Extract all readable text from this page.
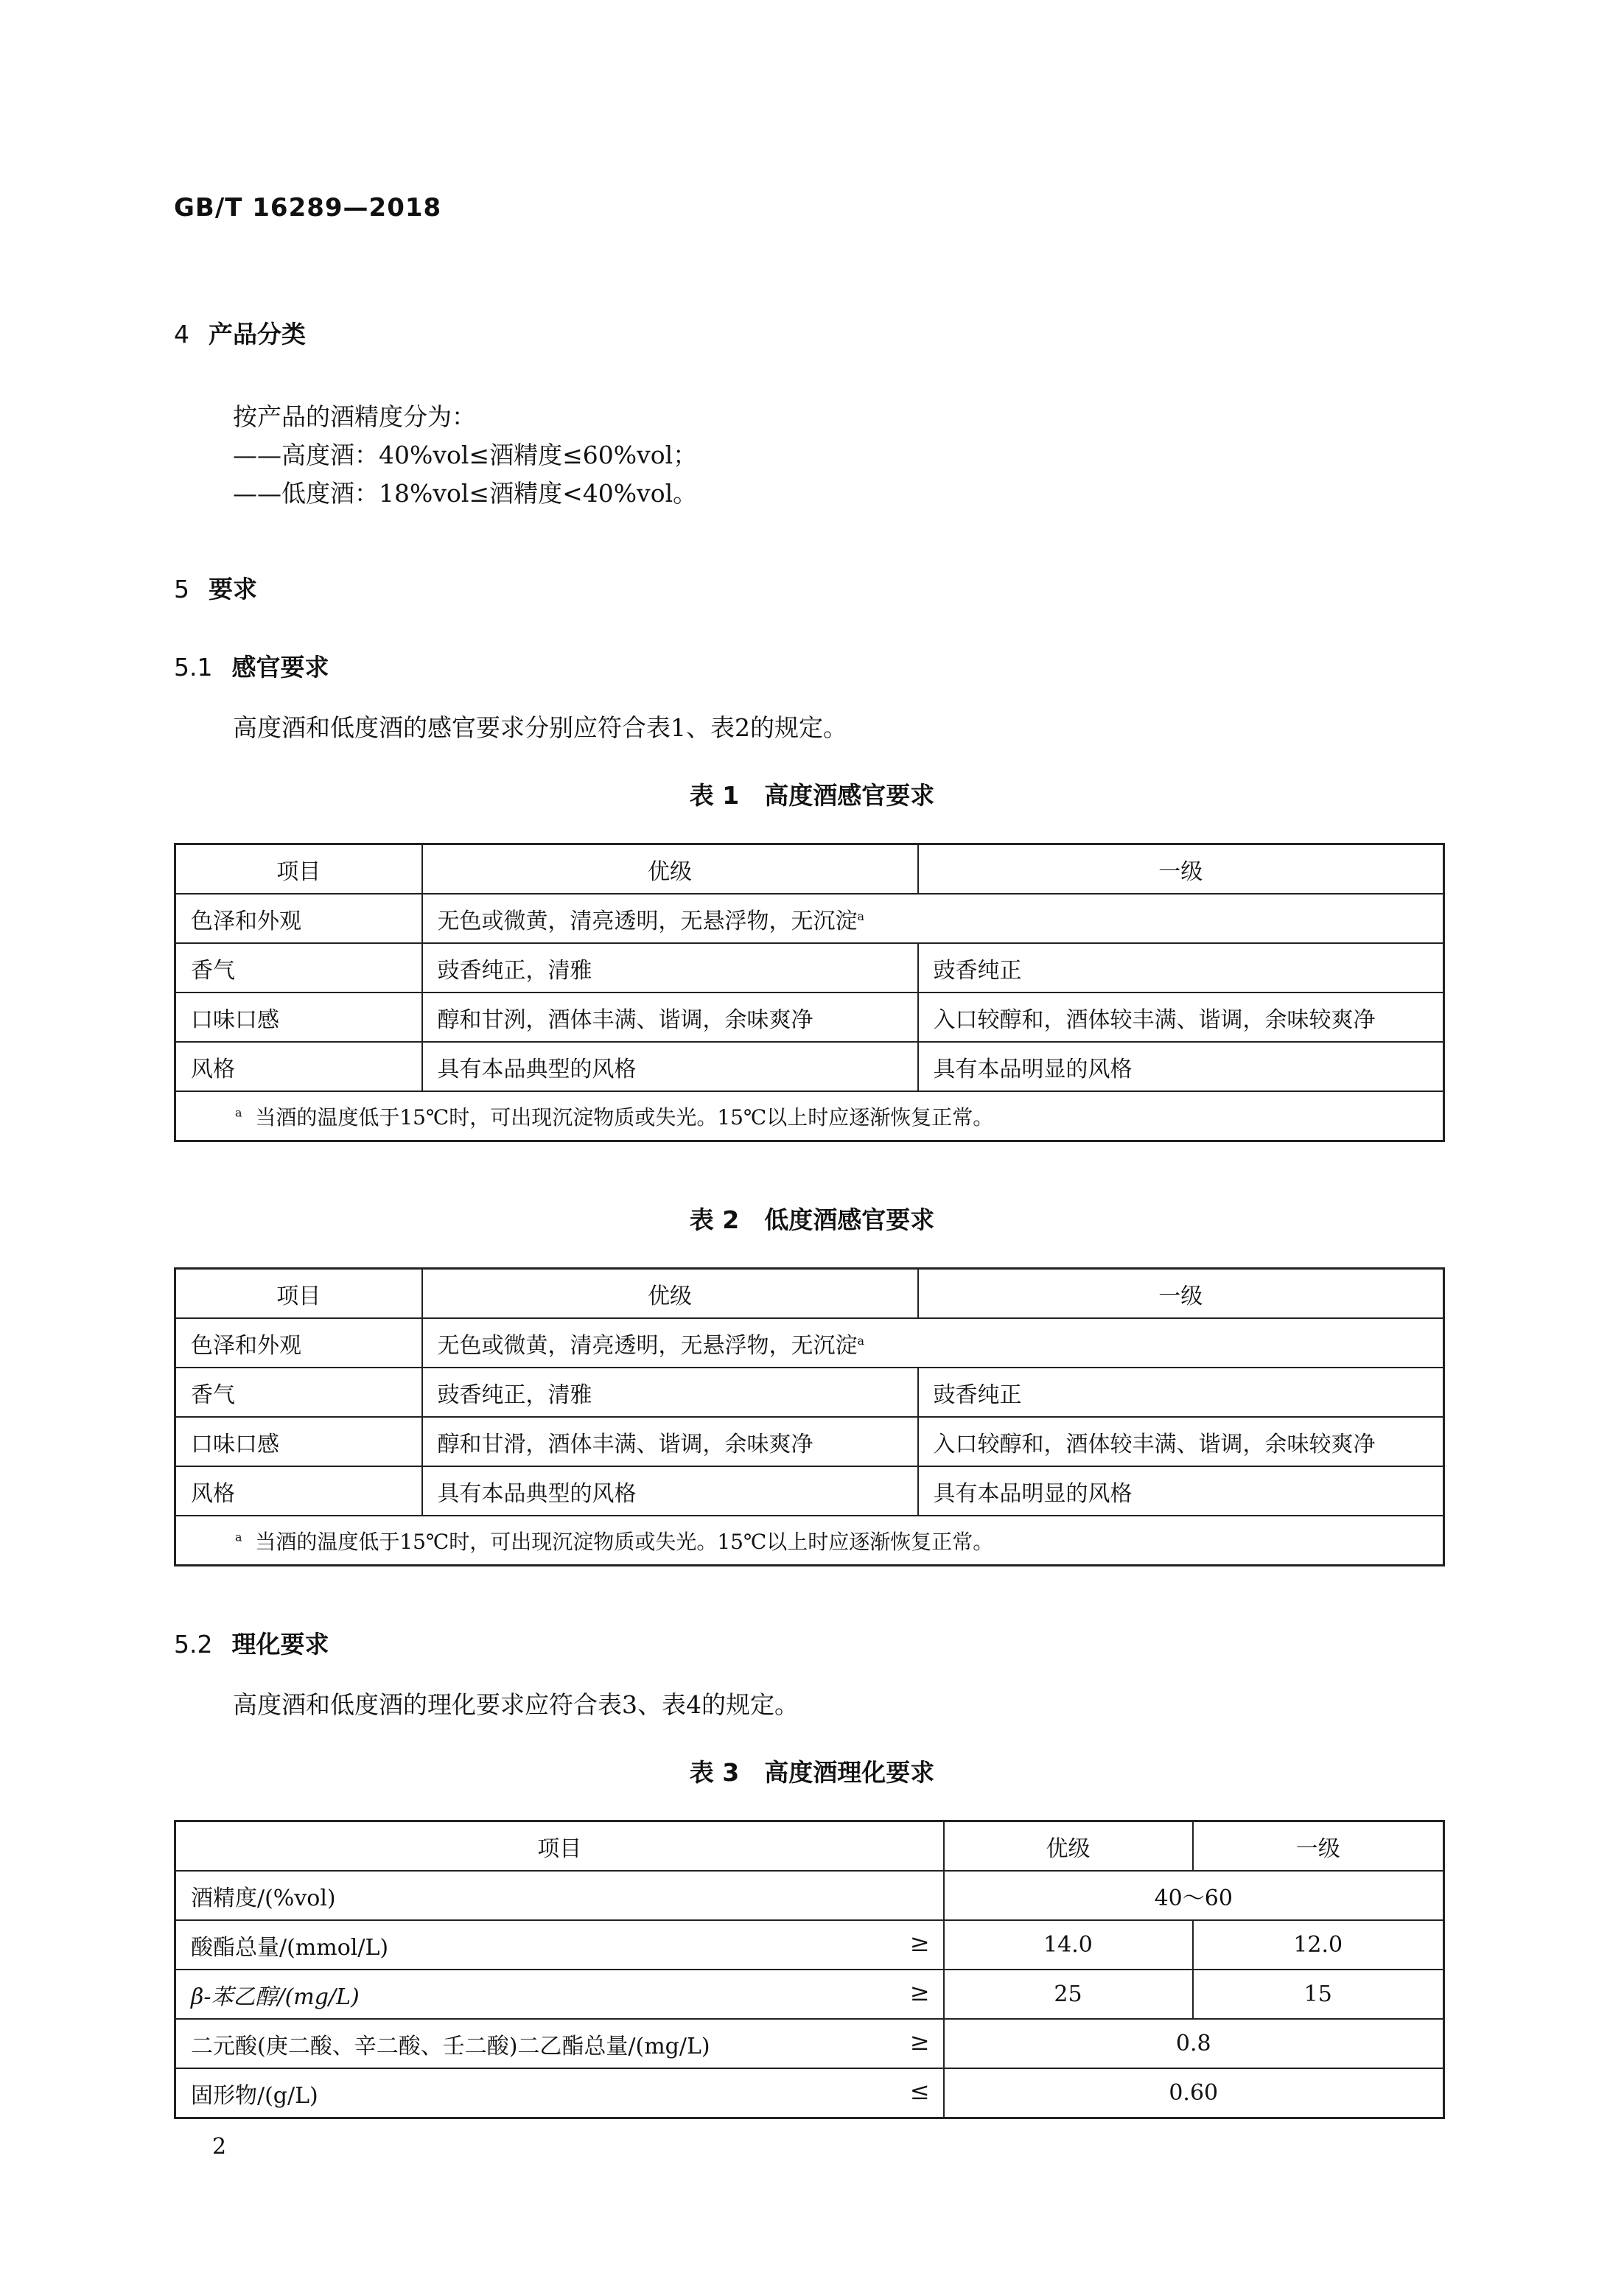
GB/T 16289—2018
4 产品分类
按产品的酒精度分为：
——高度酒：40%vol≤酒精度≤60%vol；
——低度酒：18%vol≤酒精度<40%vol。
5 要求
5.1 感官要求
高度酒和低度酒的感官要求分别应符合表1、表2的规定。
表 1 高度酒感官要求
项目	优级	一级
色泽和外观	无色或微黄，清亮透明，无悬浮物，无沉淀$^a$
香气	豉香纯正，清雅	豉香纯正
口味口感	醇和甘洌，酒体丰满、谐调，余味爽净	入口较醇和，酒体较丰满、谐调，余味较爽净
风格	具有本品典型的风格	具有本品明显的风格
$^a$ 当酒的温度低于15℃时，可出现沉淀物质或失光。15℃以上时应逐渐恢复正常。		
表 2 低度酒感官要求
项目	优级	一级
色泽和外观	无色或微黄，清亮透明，无悬浮物，无沉淀$^a$
香气	豉香纯正，清雅	豉香纯正
口味口感	醇和甘滑，酒体丰满、谐调，余味爽净	入口较醇和，酒体较丰满、谐调，余味较爽净
风格	具有本品典型的风格	具有本品明显的风格
$^a$ 当酒的温度低于15℃时，可出现沉淀物质或失光。15℃以上时应逐渐恢复正常。		
5.2 理化要求
高度酒和低度酒的理化要求应符合表3、表4的规定。
表 3 高度酒理化要求
项目	优级	一级
酒精度/(%vol)	40～60	
酸酯总量/(mmol/L) ≥	14.0	12.0
β-苯乙醇/(mg/L) ≥	25	15
二元酸(庚二酸、辛二酸、壬二酸)二乙酯总量/(mg/L) ≥	0.8	
固形物/(g/L) ≤	0.60	
2
